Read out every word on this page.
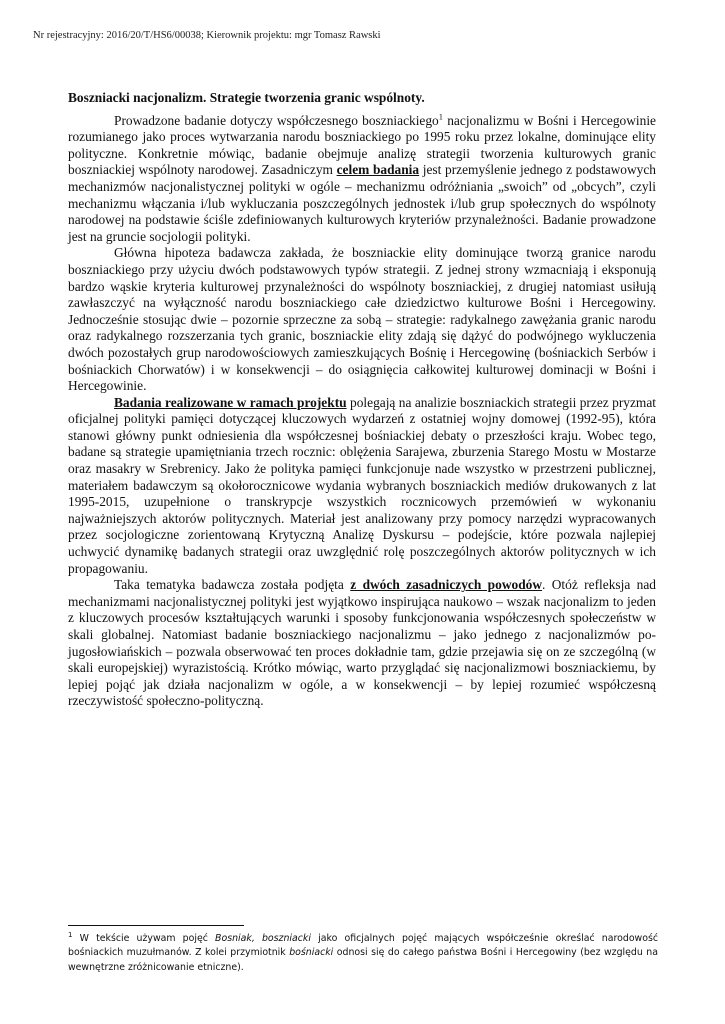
Nr rejestracyjny: 2016/20/T/HS6/00038; Kierownik projektu: mgr Tomasz Rawski
Boszniacki nacjonalizm. Strategie tworzenia granic wspólnoty.

Prowadzone badanie dotyczy współczesnego boszniackiego$^1$ nacjonalizmu w Bośni i Hercegowinie rozumianego jako proces wytwarzania narodu boszniackiego po 1995 roku przez lokalne, dominujące elity polityczne. Konkretnie mówiąc, badanie obejmuje analizę strategii tworzenia kulturowych granic boszniackiej wspólnoty narodowej. Zasadniczym celem badania jest przemyślenie jednego z podstawowych mechanizmów nacjonalistycznej polityki w ogóle – mechanizmu odróżniania „swoich” od „obcych”, czyli mechanizmu włączania i/lub wykluczania poszczególnych jednostek i/lub grup społecznych do wspólnoty narodowej na podstawie ściśle zdefiniowanych kulturowych kryteriów przynależności. Badanie prowadzone jest na gruncie socjologii polityki.

Główna hipoteza badawcza zakłada, że boszniackie elity dominujące tworzą granice narodu boszniackiego przy użyciu dwóch podstawowych typów strategii. Z jednej strony wzmacniają i eksponują bardzo wąskie kryteria kulturowej przynależności do wspólnoty boszniackiej, z drugiej natomiast usiłują zawłaszczyć na wyłączność narodu boszniackiego całe dziedzictwo kulturowe Bośni i Hercegowiny. Jednocześnie stosując dwie – pozornie sprzeczne za sobą – strategie: radykalnego zawężania granic narodu oraz radykalnego rozszerzania tych granic, boszniackie elity zdają się dążyć do podwójnego wykluczenia dwóch pozostałych grup narodowościowych zamieszkujących Bośnię i Hercegowinę (bośniackich Serbów i bośniackich Chorwatów) i w konsekwencji – do osiągnięcia całkowitej kulturowej dominacji w Bośni i Hercegowinie.

Badania realizowane w ramach projektu polegają na analizie boszniackich strategii przez pryzmat oficjalnej polityki pamięci dotyczącej kluczowych wydarzeń z ostatniej wojny domowej (1992-95), która stanowi główny punkt odniesienia dla współczesnej bośniackiej debaty o przeszłości kraju. Wobec tego, badane są strategie upamiętniania trzech rocznic: oblężenia Sarajewa, zburzenia Starego Mostu w Mostarze oraz masakry w Srebrenicy. Jako że polityka pamięci funkcjonuje nade wszystko w przestrzeni publicznej, materiałem badawczym są okołorocznicowe wydania wybranych boszniackich mediów drukowanych z lat 1995-2015, uzupełnione o transkrypcje wszystkich rocznicowych przemówień w wykonaniu najważniejszych aktorów politycznych. Materiał jest analizowany przy pomocy narzędzi wypracowanych przez socjologiczne zorientowaną Krytyczną Analizę Dyskursu – podejście, które pozwala najlepiej uchwycić dynamikę badanych strategii oraz uwzględnić rolę poszczególnych aktorów politycznych w ich propagowaniu.

Taka tematyka badawcza została podjęta z dwóch zasadniczych powodów. Otóż refleksja nad mechanizmami nacjonalistycznej polityki jest wyjątkowo inspirująca naukowo – wszak nacjonalizm to jeden z kluczowych procesów kształtujących warunki i sposoby funkcjonowania współczesnych społeczeństw w skali globalnej. Natomiast badanie boszniackiego nacjonalizmu – jako jednego z nacjonalizmów po-jugosłowiańskich – pozwala obserwować ten proces dokładnie tam, gdzie przejawia się on ze szczególną (w skali europejskiej) wyrazistością. Krótko mówiąc, warto przyglądać się nacjonalizmowi boszniackiemu, by lepiej pojąć jak działa nacjonalizm w ogóle, a w konsekwencji – by lepiej rozumieć współczesną rzeczywistość społeczno-polityczną.

$^1$ W tekście używam pojęć Bosniak, boszniacki jako oficjalnych pojęć mających współcześnie określać narodowość bośniackich muzułmanów. Z kolei przymiotnik bośniacki odnosi się do całego państwa Bośni i Hercegowiny (bez względu na wewnętrzne zróżnicowanie etniczne).
